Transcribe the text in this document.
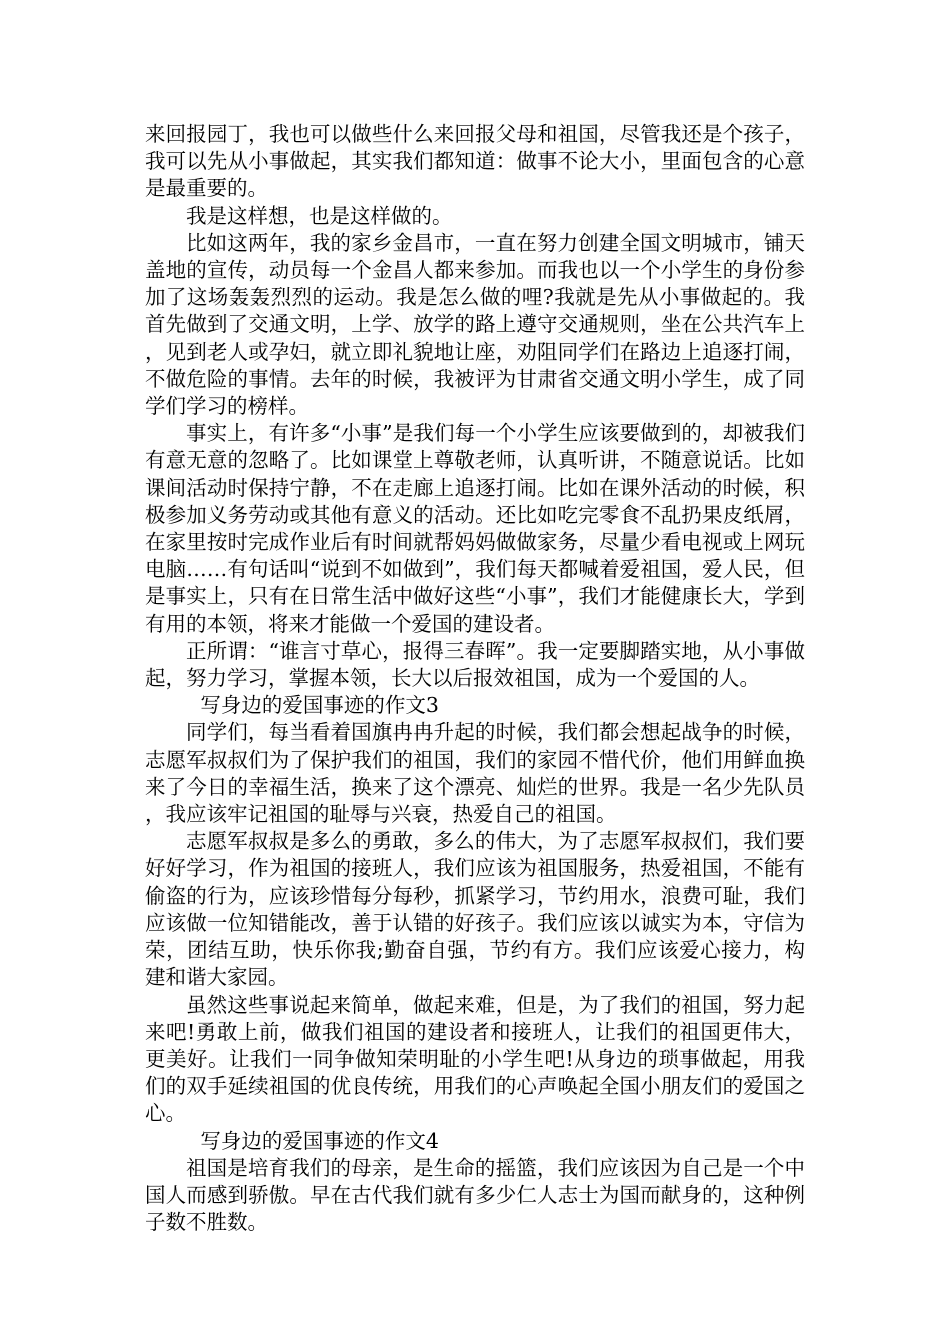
来回报园丁，我也可以做些什么来回报父母和祖国，尽管我还是个孩子，我可以先从小事做起，其实我们都知道：做事不论大小，里面包含的心意是最重要的。

我是这样想，也是这样做的。

比如这两年，我的家乡金昌市，一直在努力创建全国文明城市，铺天盖地的宣传，动员每一个金昌人都来参加。而我也以一个小学生的身份参加了这场轰轰烈烈的运动。我是怎么做的哩?我就是先从小事做起的。我首先做到了交通文明，上学、放学的路上遵守交通规则，坐在公共汽车上，见到老人或孕妇，就立即礼貌地让座，劝阻同学们在路边上追逐打闹，不做危险的事情。去年的时候，我被评为甘肃省交通文明小学生，成了同学们学习的榜样。

事实上，有许多“小事”是我们每一个小学生应该要做到的，却被我们有意无意的忽略了。比如课堂上尊敬老师，认真听讲，不随意说话。比如课间活动时保持宁静，不在走廊上追逐打闹。比如在课外活动的时候，积极参加义务劳动或其他有意义的活动。还比如吃完零食不乱扔果皮纸屑，在家里按时完成作业后有时间就帮妈妈做做家务，尽量少看电视或上网玩电脑……有句话叫“说到不如做到”，我们每天都喊着爱祖国，爱人民，但是事实上，只有在日常生活中做好这些“小事”，我们才能健康长大，学到有用的本领，将来才能做一个爱国的建设者。

正所谓：“谁言寸草心，报得三春晖”。我一定要脚踏实地，从小事做起，努力学习，掌握本领，长大以后报效祖国，成为一个爱国的人。

写身边的爱国事迹的作文3

同学们，每当看着国旗冉冉升起的时候，我们都会想起战争的时候，志愿军叔叔们为了保护我们的祖国，我们的家园不惜代价，他们用鲜血换来了今日的幸福生活，换来了这个漂亮、灿烂的世界。我是一名少先队员，我应该牢记祖国的耻辱与兴衰，热爱自己的祖国。

志愿军叔叔是多么的勇敢，多么的伟大，为了志愿军叔叔们，我们要好好学习，作为祖国的接班人，我们应该为祖国服务，热爱祖国，不能有偷盗的行为，应该珍惜每分每秒，抓紧学习，节约用水，浪费可耻，我们应该做一位知错能改，善于认错的好孩子。我们应该以诚实为本，守信为荣，团结互助，快乐你我;勤奋自强，节约有方。我们应该爱心接力，构建和谐大家园。

虽然这些事说起来简单，做起来难，但是，为了我们的祖国，努力起来吧!勇敢上前，做我们祖国的建设者和接班人，让我们的祖国更伟大，更美好。让我们一同争做知荣明耻的小学生吧!从身边的琐事做起，用我们的双手延续祖国的优良传统，用我们的心声唤起全国小朋友们的爱国之心。

写身边的爱国事迹的作文4

祖国是培育我们的母亲，是生命的摇篮，我们应该因为自己是一个中国人而感到骄傲。早在古代我们就有多少仁人志士为国而献身的，这种例子数不胜数。
